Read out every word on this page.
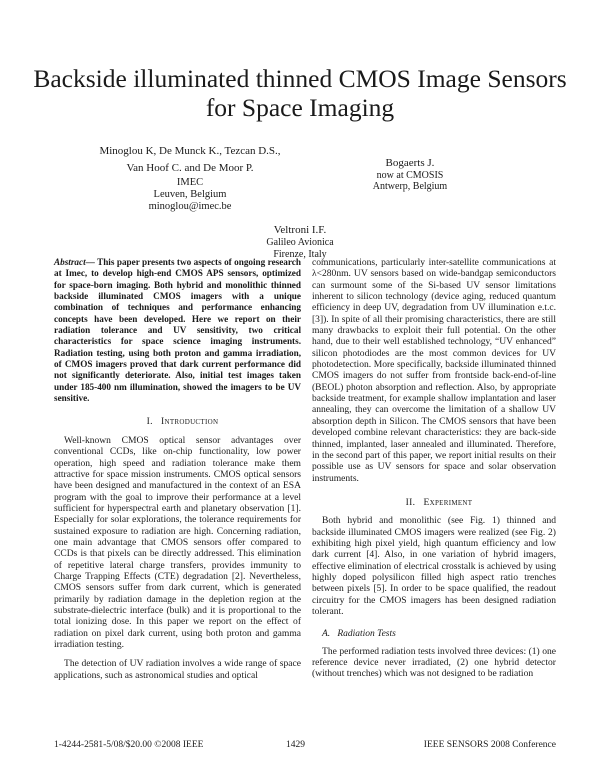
Backside illuminated thinned CMOS Image Sensors for Space Imaging
Minoglou K, De Munck K., Tezcan D.S.,
Van Hoof C. and De Moor P.
IMEC
Leuven, Belgium
minoglou@imec.be
Bogaerts J.
now at CMOSIS
Antwerp, Belgium
Veltroni I.F.
Galileo Avionica
Firenze, Italy

Abstract— This paper presents two aspects of ongoing research at Imec, to develop high-end CMOS APS sensors, optimized for space-born imaging. Both hybrid and monolithic thinned backside illuminated CMOS imagers with a unique combination of techniques and performance enhancing concepts have been developed. Here we report on their radiation tolerance and UV sensitivity, two critical characteristics for space science imaging instruments. Radiation testing, using both proton and gamma irradiation, of CMOS imagers proved that dark current performance did not significantly deteriorate. Also, initial test images taken under 185-400 nm illumination, showed the imagers to be UV sensitive.

I. Introduction

Well-known CMOS optical sensor advantages over conventional CCDs, like on-chip functionality, low power operation, high speed and radiation tolerance make them attractive for space mission instruments. CMOS optical sensors have been designed and manufactured in the context of an ESA program with the goal to improve their performance at a level sufficient for hyperspectral earth and planetary observation [1]. Especially for solar explorations, the tolerance requirements for sustained exposure to radiation are high. Concerning radiation, one main advantage that CMOS sensors offer compared to CCDs is that pixels can be directly addressed. This elimination of repetitive lateral charge transfers, provides immunity to Charge Trapping Effects (CTE) degradation [2]. Nevertheless, CMOS sensors suffer from dark current, which is generated primarily by radiation damage in the depletion region at the substrate-dielectric interface (bulk) and it is proportional to the total ionizing dose. In this paper we report on the effect of radiation on pixel dark current, using both proton and gamma irradiation testing.

The detection of UV radiation involves a wide range of space applications, such as astronomical studies and optical

communications, particularly inter-satellite communications at λ<280nm. UV sensors based on wide-bandgap semiconductors can surmount some of the Si-based UV sensor limitations inherent to silicon technology (device aging, reduced quantum efficiency in deep UV, degradation from UV illumination e.t.c. [3]). In spite of all their promising characteristics, there are still many drawbacks to exploit their full potential. On the other hand, due to their well established technology, “UV enhanced” silicon photodiodes are the most common devices for UV photodetection. More specifically, backside illuminated thinned CMOS imagers do not suffer from frontside back-end-of-line (BEOL) photon absorption and reflection. Also, by appropriate backside treatment, for example shallow implantation and laser annealing, they can overcome the limitation of a shallow UV absorption depth in Silicon. The CMOS sensors that have been developed combine relevant characteristics: they are back-side thinned, implanted, laser annealed and illuminated. Therefore, in the second part of this paper, we report initial results on their possible use as UV sensors for space and solar observation instruments.

II. Experiment

Both hybrid and monolithic (see Fig. 1) thinned and backside illuminated CMOS imagers were realized (see Fig. 2) exhibiting high pixel yield, high quantum efficiency and low dark current [4]. Also, in one variation of hybrid imagers, effective elimination of electrical crosstalk is achieved by using highly doped polysilicon filled high aspect ratio trenches between pixels [5]. In order to be space qualified, the readout circuitry for the CMOS imagers has been designed radiation tolerant.

A. Radiation Tests

The performed radiation tests involved three devices: (1) one reference device never irradiated, (2) one hybrid detector (without trenches) which was not designed to be radiation

1-4244-2581-5/08/$20.00 ©2008 IEEE	1429	IEEE SENSORS 2008 Conference
